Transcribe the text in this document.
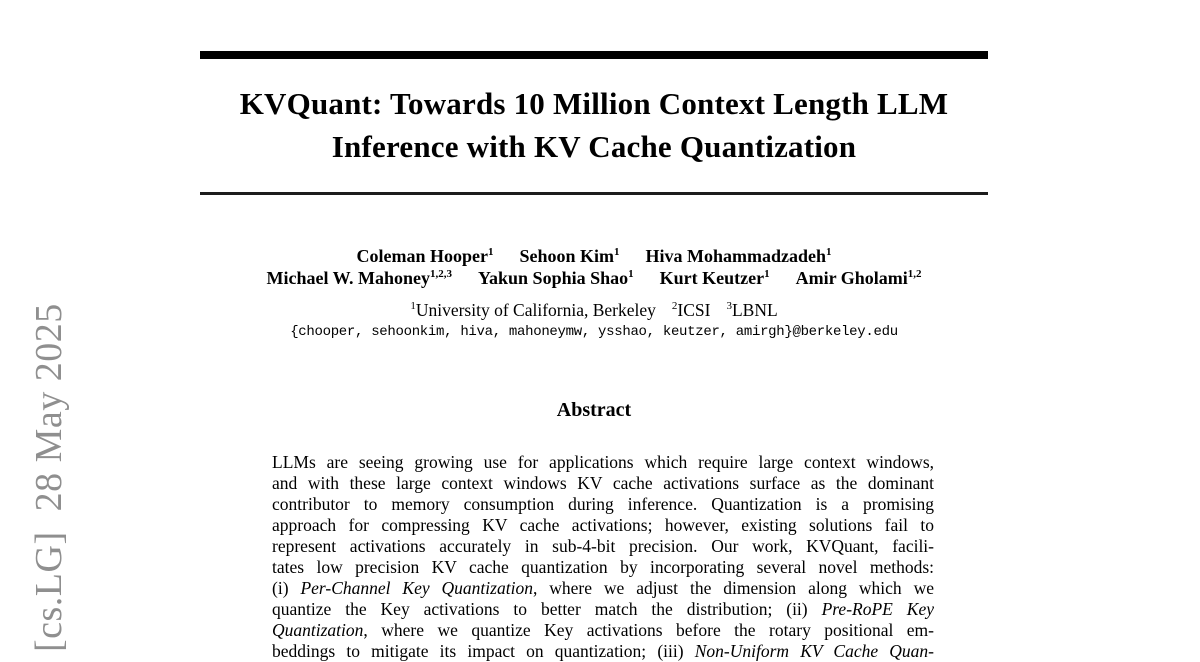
[cs.LG]  28 May 2025
KVQuant: Towards 10 Million Context Length LLM
Inference with KV Cache Quantization
Coleman Hooper$^1$ Sehoon Kim$^1$ Hiva Mohammadzadeh$^1$
Michael W. Mahoney$^{1,2,3}$ Yakun Sophia Shao$^1$ Kurt Keutzer$^1$ Amir Gholami$^{1,2}$
$^1$University of California, Berkeley $^2$ICSI $^3$LBNL
{chooper, sehoonkim, hiva, mahoneymw, ysshao, keutzer, amirgh}@berkeley.edu
Abstract
LLMs are seeing growing use for applications which require large context windows,
and with these large context windows KV cache activations surface as the dominant
contributor to memory consumption during inference. Quantization is a promising
approach for compressing KV cache activations; however, existing solutions fail to
represent activations accurately in sub-4-bit precision. Our work, KVQuant, facili-
tates low precision KV cache quantization by incorporating several novel methods:
(i) Per-Channel Key Quantization, where we adjust the dimension along which we
quantize the Key activations to better match the distribution; (ii) Pre-RoPE Key
Quantization, where we quantize Key activations before the rotary positional em-
beddings to mitigate its impact on quantization; (iii) Non-Uniform KV Cache Quan-
